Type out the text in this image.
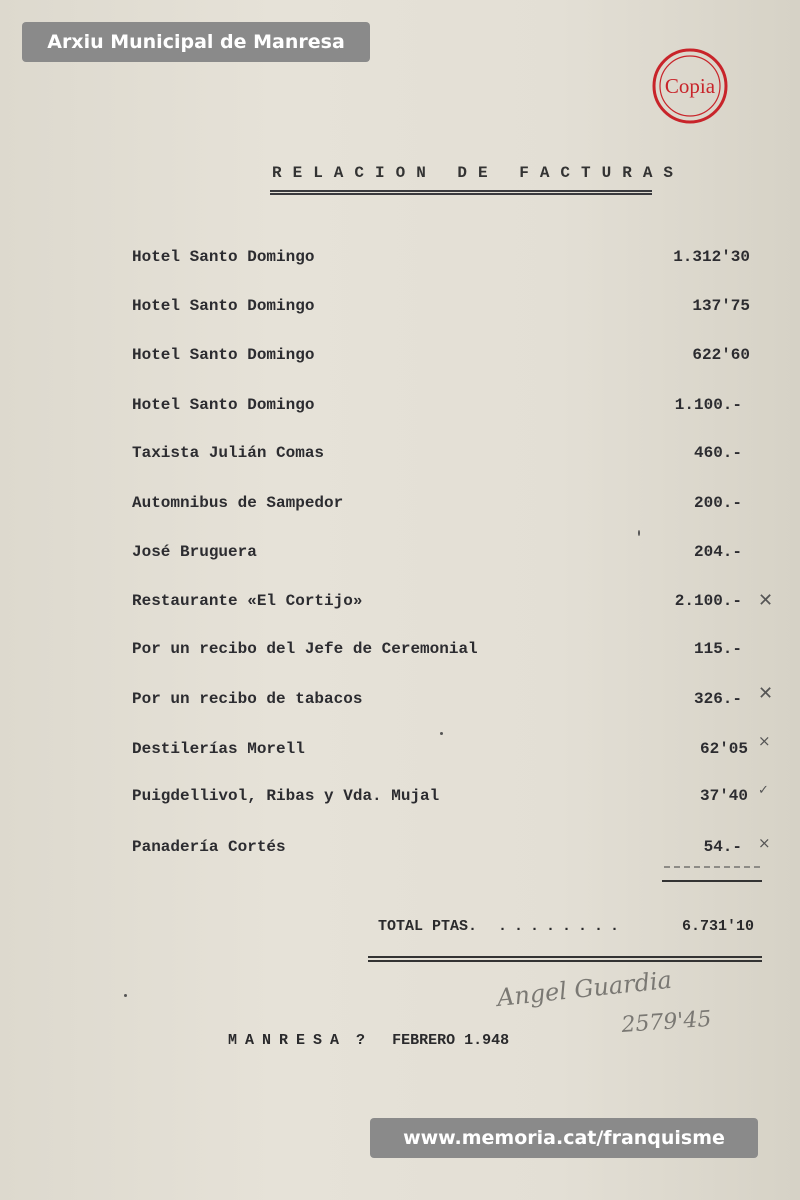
Arxiu Municipal de Manresa
Copia
RELACION DE FACTURAS
Hotel Santo Domingo	1.312'30
Hotel Santo Domingo	137'75
Hotel Santo Domingo	622'60
Hotel Santo Domingo	1.100.-
Taxista Julián Comas	460.-
Automnibus de Sampedor	200.-
José Bruguera	204.-
Restaurante «El Cortijo»	2.100.-
Por un recibo del Jefe de Ceremonial	115.-
Por un recibo de tabacos	326.-
Destilerías Morell	62'05
Puigdellivol, Ribas y Vda. Mujal	37'40
Panadería Cortés	54.-
✕
✕
×
✓
×
TOTAL PTAS. ........	6.731'10
Angel Guardia
2579'45
MANRESA ? FEBRERO 1.948
www.memoria.cat/franquisme
